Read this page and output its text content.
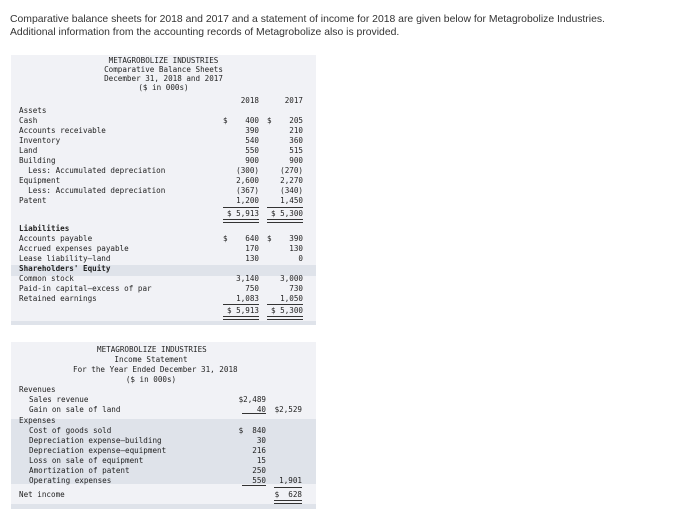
Comparative balance sheets for 2018 and 2017 and a statement of income for 2018 are given below for Metagrobolize Industries.
Additional information from the accounting records of Metagrobolize also is provided.
METAGROBOLIZE INDUSTRIES
Comparative Balance Sheets
December 31, 2018 and 2017
($ in 000s)
2018	2017
Assets
Cash	$	400 $	205
Accounts receivable	390	210
Inventory	540	360
Land	550	515
Building	900	900
Less: Accumulated depreciation	(300)	(270)
Equipment	2,600	2,270
Less: Accumulated depreciation	(367)	(340)
Patent	1,200	1,450
$ 5,913	$ 5,300
Liabilities
Accounts payable	$	640 $	390
Accrued expenses payable	170	130
Lease liability—land	130	0
Shareholders' Equity
Common stock	3,140	3,000
Paid-in capital—excess of par	750	730
Retained earnings	1,083	1,050
$ 5,913	$ 5,300
METAGROBOLIZE INDUSTRIES
Income Statement
For the Year Ended December 31, 2018
($ in 000s)
Revenues
Sales revenue	$2,489
Gain on sale of land	40	$2,529
Expenses
Cost of goods sold	$  840
Depreciation expense—building	30
Depreciation expense—equipment	216
Loss on sale of equipment	15
Amortization of patent	250
Operating expenses	550	1,901
Net income	$  628
